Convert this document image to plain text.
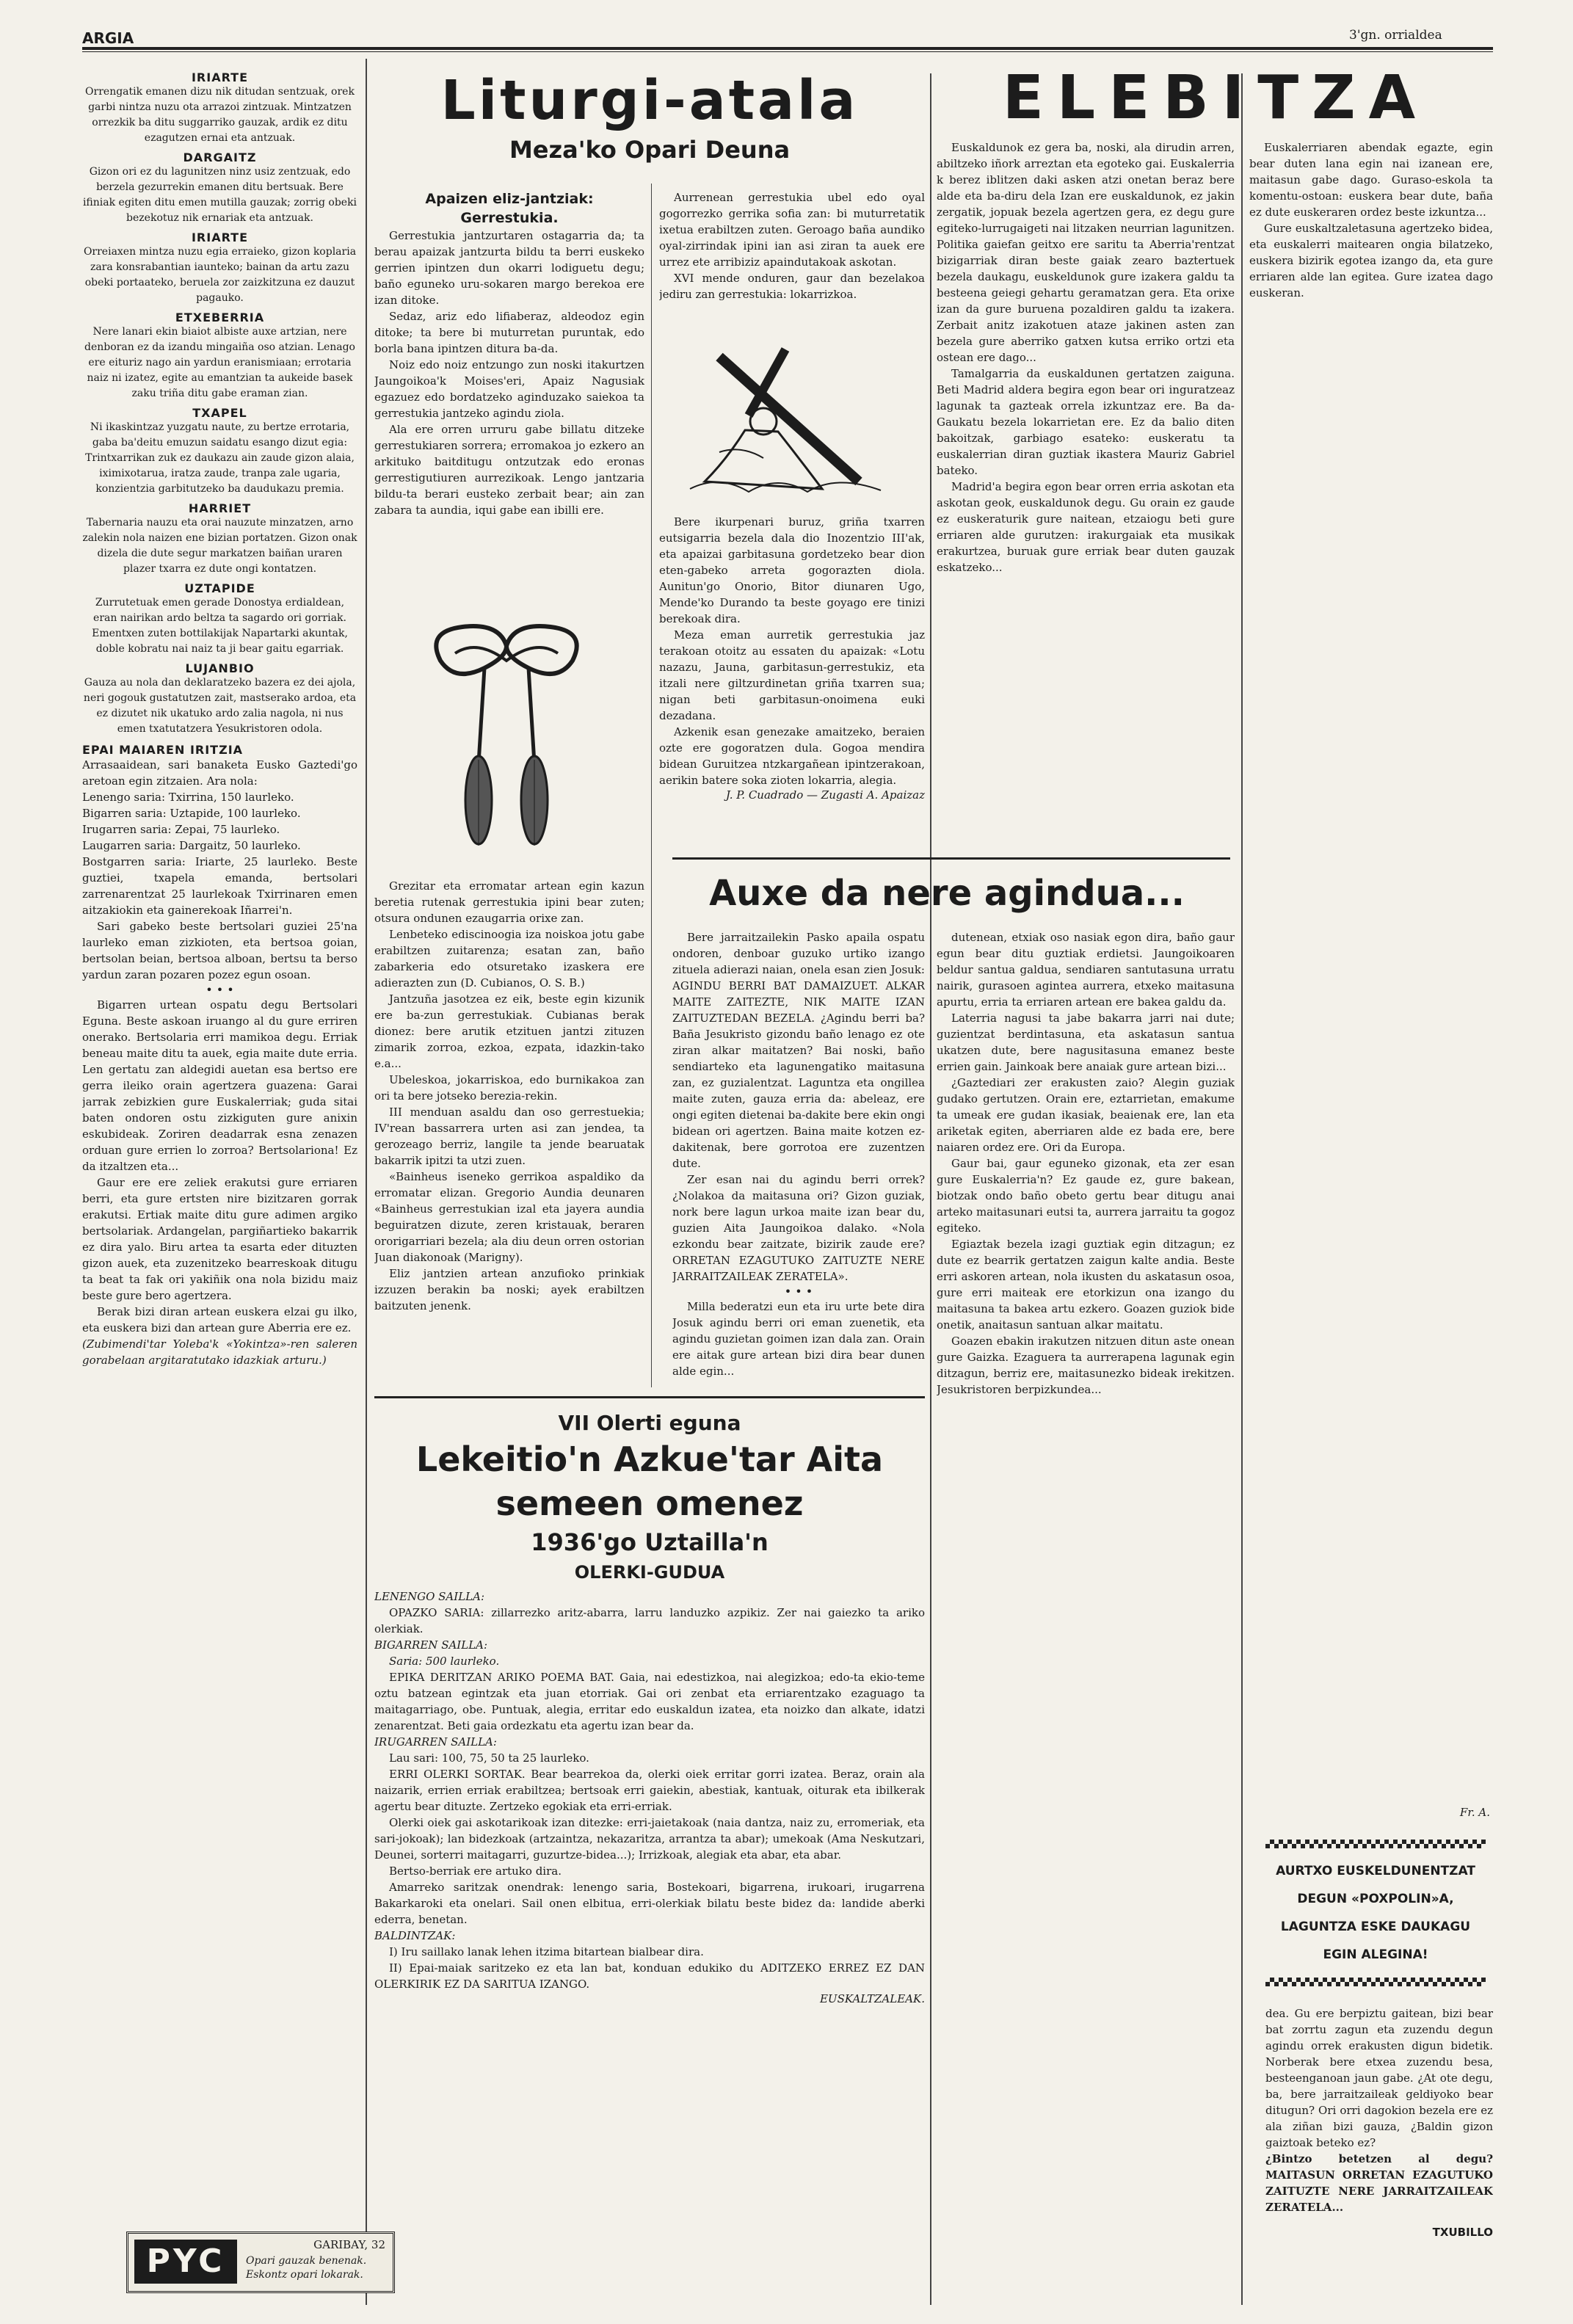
ARGIA	3'gn. orrialdea
IRIARTE
Orrengatik emanen dizu nik ditudan sentzuak, orek garbi nintza nuzu ota arrazoi zintzuak. Mintzatzen orrezkik ba ditu suggarriko gauzak, ardik ez ditu ezagutzen ernai eta antzuak.
DARGAITZ
Gizon ori ez du lagunitzen ninz usiz zentzuak, edo berzela gezurrekin emanen ditu bertsuak. Bere ifiniak egiten ditu emen mutilla gauzak; zorrig obeki bezekotuz nik ernariak eta antzuak.
IRIARTE
Orreiaxen mintza nuzu egia erraieko, gizon koplaria zara konsrabantian iaunteko; bainan da artu zazu obeki portaateko, beruela zor zaizkitzuna ez dauzut pagauko.
ETXEBERRIA
Nere lanari ekin biaiot albiste auxe artzian, nere denboran ez da izandu mingaiña oso atzian. Lenago ere eituriz nago ain yardun eranismiaan; errotaria naiz ni izatez, egite au emantzian ta aukeide basek zaku triña ditu gabe eraman zian.
TXAPEL
Ni ikaskintzaz yuzgatu naute, zu bertze errotaria, gaba ba'deitu emuzun saidatu esango dizut egia: Trintxarrikan zuk ez daukazu ain zaude gizon alaia, iximixotarua, iratza zaude, tranpa zale ugaria, konzientzia garbitutzeko ba daudukazu premia.
HARRIET
Tabernaria nauzu eta orai nauzute minzatzen, arno zalekin nola naizen ene bizian portatzen. Gizon onak dizela die dute segur markatzen baiñan uraren plazer txarra ez dute ongi kontatzen.
UZTAPIDE
Zurrutetuak emen gerade Donostya erdialdean, eran nairikan ardo beltza ta sagardo ori gorriak. Ementxen zuten bottilakijak Napartarki akuntak, doble kobratu nai naiz ta ji bear gaitu egarriak.
LUJANBIO
Gauza au nola dan deklaratzeko bazera ez dei ajola, neri gogouk gustatutzen zait, mastserako ardoa, eta ez dizutet nik ukatuko ardo zalia nagola, ni nus emen txatutatzera Yesukristoren odola.
EPAI MAIAREN IRITZIA
Arrasaaidean, sari banaketa Eusko Gaztedi'go aretoan egin zitzaien. Ara nola:
Lenengo saria: Txirrina, 150 laurleko.
Bigarren saria: Uztapide, 100 laurleko.
Irugarren saria: Zepai, 75 laurleko.
Laugarren saria: Dargaitz, 50 laurleko.
Bostgarren saria: Iriarte, 25 laurleko. Beste guztiei, txapela emanda, bertsolari zarrenarentzat 25 laurlekoak Txirrinaren emen aitzakiokin eta gainerekoak Iñarrei'n.
Sari gabeko beste bertsolari guziei 25'na laurleko eman zizkioten, eta bertsoa goian, bertsolan beian, bertsoa alboan, bertsu ta berso yardun zaran pozaren pozez egun osoan.
• • •
Bigarren urtean ospatu degu Bertsolari Eguna. Beste askoan iruango al du gure erriren onerako. Bertsolaria erri mamikoa degu. Erriak beneau maite ditu ta auek, egia maite dute erria. Len gertatu zan aldegidi auetan esa bertso ere gerra ileiko orain agertzera guazena: Garai jarrak zebizkien gure Euskalerriak; guda sitai baten ondoren ostu zizkiguten gure anixin eskubideak. Zoriren deadarrak esna zenazen orduan gure errien lo zorroa? Bertsolariona! Ez da itzaltzen eta...
Gaur ere ere zeliek erakutsi gure erriaren berri, eta gure ertsten nire bizitzaren gorrak erakutsi. Ertiak maite ditu gure adimen argiko bertsolariak. Ardangelan, pargiñartieko bakarrik ez dira yalo. Biru artea ta esarta eder dituzten gizon auek, eta zuzenitzeko bearreskoak ditugu ta beat ta fak ori yakiñik ona nola bizidu maiz beste gure bero agertzera.
Berak bizi diran artean euskera elzai gu ilko, eta euskera bizi dan artean gure Aberria ere ez.
(Zubimendi'tar Yoleba'k «Yokintza»-ren saleren gorabelaan argitaratutako idazkiak arturu.)
PYC	GARIBAY, 32
Opari gauzak benenak. Eskontz opari lokarak.
Liturgi-atala
Meza'ko Opari Deuna
Apaizen eliz-jantziak: Gerrestukia.
Gerrestukia jantzurtaren ostagarria da; ta berau apaizak jantzurta bildu ta berri euskeko gerrien ipintzen dun okarri lodiguetu degu; baño eguneko uru-sokaren margo berekoa ere izan ditoke.
Sedaz, ariz edo lifiaberaz, aldeodoz egin ditoke; ta bere bi muturretan puruntak, edo borla bana ipintzen ditura ba-da.
Noiz edo noiz entzungo zun noski itakurtzen Jaungoikoa'k Moises'eri, Apaiz Nagusiak egazuez edo bordatzeko aginduzako saiekoa ta gerrestukia jantzeko agindu ziola.
Ala ere orren urruru gabe billatu ditzeke gerrestukiaren sorrera; erromakoa jo ezkero an arkituko baitditugu ontzutzak edo eronas gerrestigutiuren aurrezikoak. Lengo jantzaria bildu-ta berari eusteko zerbait bear; ain zan zabara ta aundia, iqui gabe ean ibilli ere.
Grezitar eta erromatar artean egin kazun beretia rutenak gerrestukia ipini bear zuten; otsura ondunen ezaugarria orixe zan.
Lenbeteko ediscinoogia iza noiskoa jotu gabe erabiltzen zuitarenza; esatan zan, baño zabarkeria edo otsuretako izaskera ere adierazten zun (D. Cubianos, O. S. B.)
Jantzuña jasotzea ez eik, beste egin kizunik ere ba-zun gerrestukiak. Cubianas berak dionez: bere arutik etzituen jantzi zituzen zimarik zorroa, ezkoa, ezpata, idazkin-tako e.a...
Ubeleskoa, jokarriskoa, edo burnikakoa zan ori ta bere jotseko berezia-rekin.
III menduan asaldu dan oso gerrestuekia; IV'rean bassarrera urten asi zan jendea, ta gerozeago berriz, langile ta jende bearuatak bakarrik ipitzi ta utzi zuen.
«Bainheus iseneko gerrikoa aspaldiko da erromatar elizan. Gregorio Aundia deunaren «Bainheus gerrestukian izal eta jayera aundia beguiratzen dizute, zeren kristauak, beraren ororigarriari bezela; ala diu deun orren ostorian Juan diakonoak (Marigny).
Eliz jantzien artean anzufioko prinkiak izzuzen berakin ba noski; ayek erabiltzen baitzuten jenenk.
Aurrenean gerrestukia ubel edo oyal gogorrezko gerrika sofia zan: bi muturretatik ixetua erabiltzen zuten. Geroago baña aundiko oyal-zirrindak ipini ian asi ziran ta auek ere urrez ete arribiziz apaindutakoak askotan.
XVI mende onduren, gaur dan bezelakoa jediru zan gerrestukia: lokarrizkoa.
Bere ikurpenari buruz, griña txarren eutsigarria bezela dala dio Inozentzio III'ak, eta apaizai garbitasuna gordetzeko bear dion eten-gabeko arreta gogorazten diola. Aunitun'go Onorio, Bitor diunaren Ugo, Mende'ko Durando ta beste goyago ere tinizi berekoak dira.
Meza eman aurretik gerrestukia jaz terakoan otoitz au essaten du apaizak: «Lotu nazazu, Jauna, garbitasun-gerrestukiz, eta itzali nere giltzurdinetan griña txarren sua; nigan beti garbitasun-onoimena euki dezadana.
Azkenik esan genezake amaitzeko, beraien ozte ere gogoratzen dula. Gogoa mendira bidean Guruitzea ntzkargañean ipintzerakoan, aerikin batere soka zioten lokarria, alegia.
J. P. Cuadrado — Zugasti A. Apaizaz
VII Olerti eguna
Lekeitio'n Azkue'tar Aita
semeen omenez
1936'go Uztailla'n
OLERKI-GUDUA
LENENGO SAILLA:
OPAZKO SARIA: zillarrezko aritz-abarra, larru landuzko azpikiz. Zer nai gaiezko ta ariko olerkiak.
BIGARREN SAILLA:
Saria: 500 laurleko.
EPIKA DERITZAN ARIKO POEMA BAT. Gaia, nai edestizkoa, nai alegizkoa; edo-ta ekio-teme oztu batzean egintzak eta juan etorriak. Gai ori zenbat eta erriarentzako ezaguago ta maitagarriago, obe. Puntuak, alegia, erritar edo euskaldun izatea, eta noizko dan alkate, idatzi zenarentzat. Beti gaia ordezkatu eta agertu izan bear da.
IRUGARREN SAILLA:
Lau sari: 100, 75, 50 ta 25 laurleko.
ERRI OLERKI SORTAK. Bear bearrekoa da, olerki oiek erritar gorri izatea. Beraz, orain ala naizarik, errien erriak erabiltzea; bertsoak erri gaiekin, abestiak, kantuak, oiturak eta ibilkerak agertu bear dituzte. Zertzeko egokiak eta erri-erriak.
Olerki oiek gai askotarikoak izan ditezke: erri-jaietakoak (naia dantza, naiz zu, erromeriak, eta sari-jokoak); lan bidezkoak (artzaintza, nekazaritza, arrantza ta abar); umekoak (Ama Neskutzari, Deunei, sorterri maitagarri, guzurtze-bidea...); Irrizkoak, alegiak eta abar, eta abar.
Bertso-berriak ere artuko dira.
Amarreko saritzak onendrak: lenengo saria, Bostekoari, bigarrena, irukoari, irugarrena Bakarkaroki eta onelari. Sail onen elbitua, erri-olerkiak bilatu beste bidez da: landide aberki ederra, benetan.
BALDINTZAK:
I) Iru saillako lanak lehen itzima bitartean bialbear dira.
II) Epai-maiak saritzeko ez eta lan bat, konduan edukiko du ADITZEKO ERREZ EZ DAN OLERKIRIK EZ DA SARITUA IZANGO.
EUSKALTZALEAK.
ELEBITZA
Euskaldunok ez gera ba, noski, ala dirudin arren, abiltzeko iñork arreztan eta egoteko gai. Euskalerria k berez iblitzen daki asken atzi onetan beraz bere alde eta ba-diru dela Izan ere euskaldunok, ez jakin zergatik, jopuak bezela agertzen gera, ez degu gure egiteko-lurrugaigeti nai litzaken neurrian lagunitzen. Politika gaiefan geitxo ere saritu ta Aberria'rentzat bizigarriak diran beste gaiak zearo baztertuek bezela daukagu, euskeldunok gure izakera galdu ta besteena geiegi gehartu geramatzan gera. Eta orixe izan da gure buruena pozaldiren galdu ta izakera. Zerbait anitz izakotuen ataze jakinen asten zan bezela gure aberriko gatxen kutsa erriko ortzi eta ostean ere dago...
Tamalgarria da euskaldunen gertatzen zaiguna. Beti Madrid aldera begira egon bear ori inguratzeaz lagunak ta gazteak orrela izkuntzaz ere. Ba da-Gaukatu bezela lokarrietan ere. Ez da balio diten bakoitzak, garbiago esateko: euskeratu ta euskalerrian diran guztiak ikastera Mauriz Gabriel bateko.
Madrid'a begira egon bear orren erria askotan eta askotan geok, euskaldunok degu. Gu orain ez gaude ez euskeraturik gure naitean, etzaiogu beti gure erriaren alde gurutzen: irakurgaiak eta musikak erakurtzea, buruak gure erriak bear duten gauzak eskatzeko...
Euskalerriaren abendak egazte, egin bear duten lana egin nai izanean ere, maitasun gabe dago. Guraso-eskola ta komentu-ostoan: euskera bear dute, baña ez dute euskeraren ordez beste izkuntza...
Gure euskaltzaletasuna agertzeko bidea, eta euskalerri maitearen ongia bilatzeko, euskera bizirik egotea izango da, eta gure erriaren alde lan egitea. Gure izatea dago euskeran.
Auxe da nere agindua...
Bere jarraitzailekin Pasko apaila ospatu ondoren, denboar guzuko urtiko izango zituela adierazi naian, onela esan zien Josuk: AGINDU BERRI BAT DAMAIZUET. ALKAR MAITE ZAITEZTE, NIK MAITE IZAN ZAITUZTEDAN BEZELA. ¿Agindu berri ba? Baña Jesukristo gizondu baño lenago ez ote ziran alkar maitatzen? Bai noski, baño sendiarteko eta lagunengatiko maitasuna zan, ez guzialentzat. Laguntza eta ongillea maite zuten, gauza erria da: abeleaz, ere ongi egiten dietenai ba-dakite bere ekin ongi bidean ori agertzen. Baina maite kotzen ez-dakitenak, bere gorrotoa ere zuzentzen dute.
Zer esan nai du agindu berri orrek? ¿Nolakoa da maitasuna ori? Gizon guziak, nork bere lagun urkoa maite izan bear du, guzien Aita Jaungoikoa dalako. «Nola ezkondu bear zaitzate, bizirik zaude ere? ORRETAN EZAGUTUKO ZAITUZTE NERE JARRAITZAILEAK ZERATELA».
• • •
Milla bederatzi eun eta iru urte bete dira Josuk agindu berri ori eman zuenetik, eta agindu guzietan goimen izan dala zan. Orain ere aitak gure artean bizi dira bear dunen alde egin...
dutenean, etxiak oso nasiak egon dira, baño gaur egun bear ditu guztiak erdietsi. Jaungoikoaren beldur santua galdua, sendiaren santutasuna urratu nairik, gurasoen agintea aurrera, etxeko maitasuna apurtu, erria ta erriaren artean ere bakea galdu da.
Laterria nagusi ta jabe bakarra jarri nai dute; guzientzat berdintasuna, eta askatasun santua ukatzen dute, bere nagusitasuna emanez beste errien gain. Jainkoak bere anaiak gure artean bizi...
¿Gaztediari zer erakusten zaio? Alegin guziak gudako gertutzen. Orain ere, eztarrietan, emakume ta umeak ere gudan ikasiak, beaienak ere, lan eta ariketak egiten, aberriaren alde ez bada ere, bere naiaren ordez ere. Ori da Europa.
Gaur bai, gaur eguneko gizonak, eta zer esan gure Euskalerria'n? Ez gaude ez, gure bakean, biotzak ondo baño obeto gertu bear ditugu anai arteko maitasunari eutsi ta, aurrera jarraitu ta gogoz egiteko.
Egiaztak bezela izagi guztiak egin ditzagun; ez dute ez bearrik gertatzen zaigun kalte andia. Beste erri askoren artean, nola ikusten du askatasun osoa, gure erri maiteak ere etorkizun ona izango du maitasuna ta bakea artu ezkero. Goazen guziok bide onetik, anaitasun santuan alkar maitatu.
Goazen ebakin irakutzen nitzuen ditun aste onean gure Gaizka. Ezaguera ta aurrerapena lagunak egin ditzagun, berriz ere, maitasunezko bideak irekitzen. Jesukristoren berpizkundea...
Fr. A.
AURTXO EUSKELDUNENTZAT
DEGUN «POXPOLIN»A,
LAGUNTZA ESKE DAUKAGU
EGIN ALEGINA!
dea. Gu ere berpiztu gaitean, bizi bear bat zorrtu zagun eta zuzendu degun agindu orrek erakusten digun bidetik. Norberak bere etxea zuzendu besa, besteenganoan jaun gabe. ¿At ote degu, ba, bere jarraitzaileak geldiyoko bear ditugun? Ori orri dagokion bezela ere ez ala ziñan bizi gauza, ¿Baldin gizon gaiztoak beteko ez?
¿Bintzo betetzen al degu? MAITASUN ORRETAN EZAGUTUKO ZAITUZTE NERE JARRAITZAILEAK ZERATELA...
TXUBILLO
